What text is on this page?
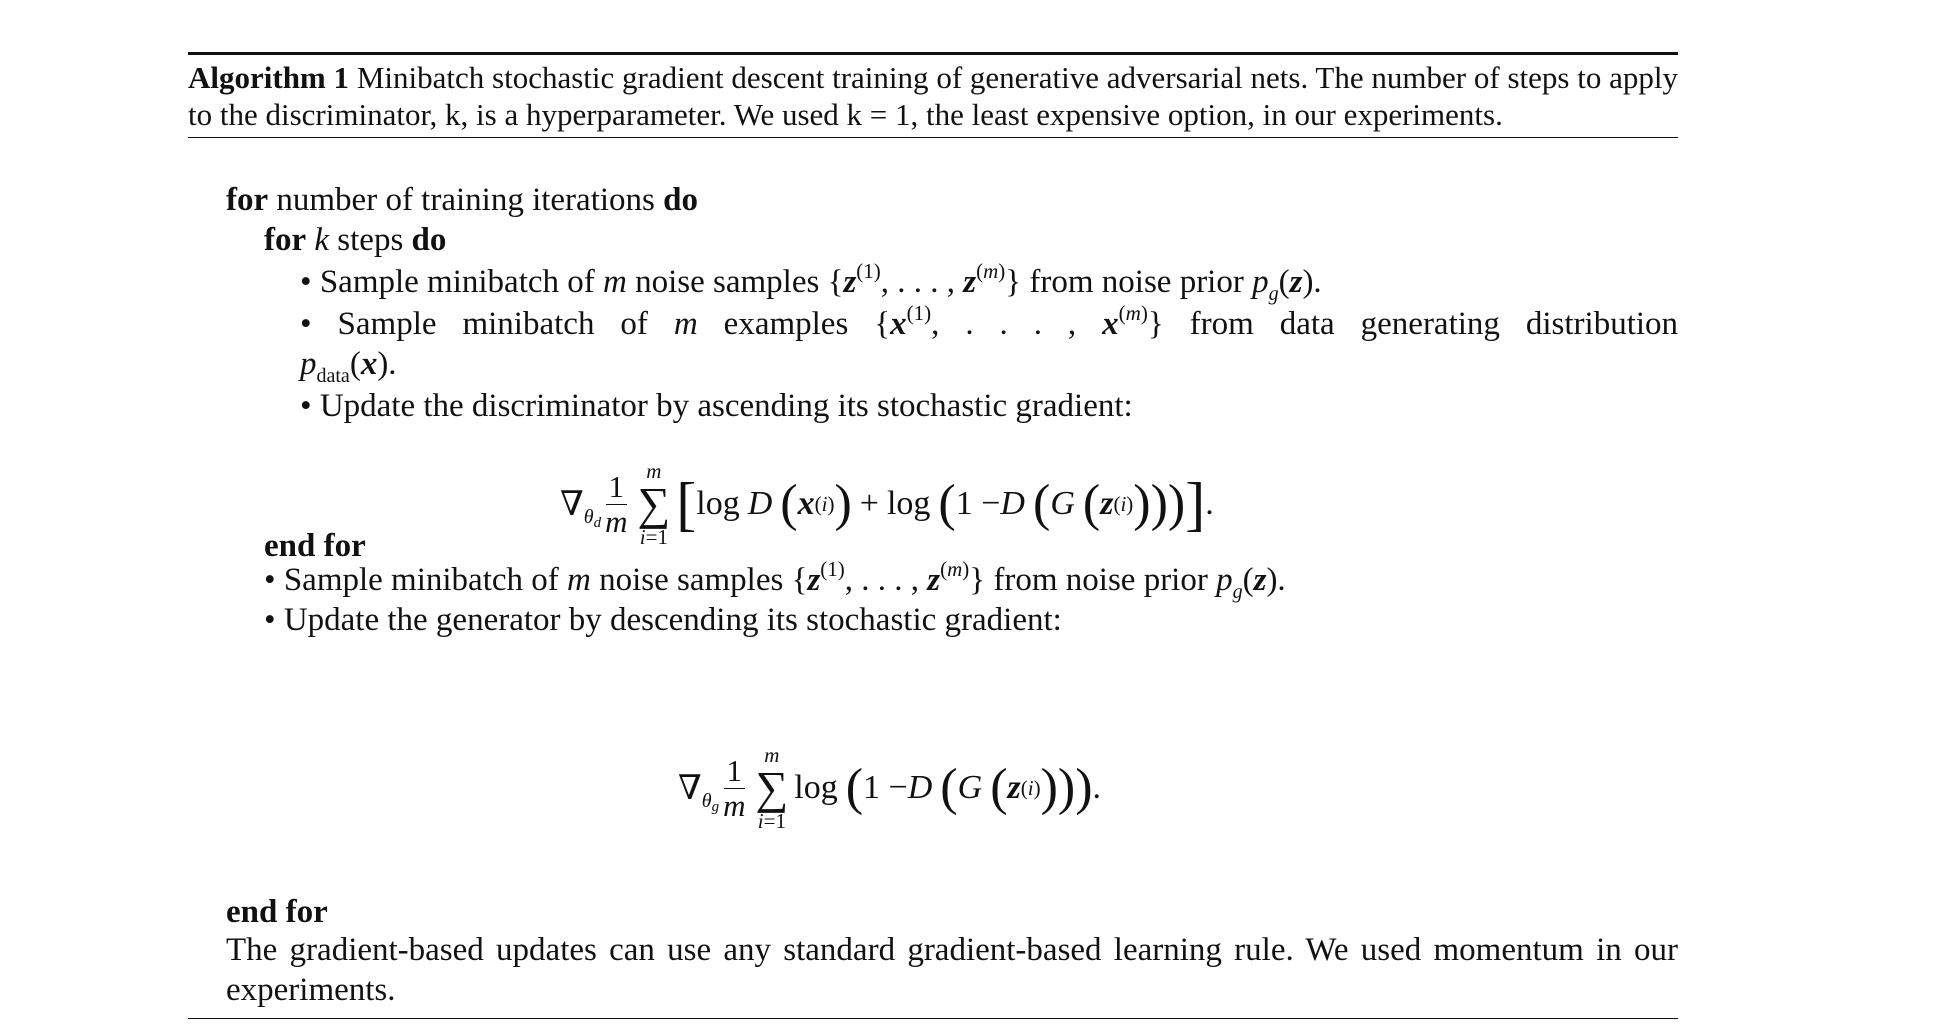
Algorithm 1 Minibatch stochastic gradient descent training of generative adversarial nets. The number of steps to apply to the discriminator, k, is a hyperparameter. We used k = 1, the least expensive option, in our experiments.
for number of training iterations do
for k steps do
• Sample minibatch of m noise samples {$z^{(1)}$, . . . , $z^{(m)}$} from noise prior $p_g(z)$.
• Sample minibatch of m examples {$x^{(1)}$, . . . , $x^{(m)}$} from data generating distribution
$p_{data}(x)$.
• Update the discriminator by ascending its stochastic gradient:
$\nabla_{\theta_d} \frac{1}{m}$ m
∑
i=1 [ log D ( x (i) ) + log ( 1 − D ( G ( z (i) ))) ] .
end for
• Sample minibatch of m noise samples {$z^{(1)}$, . . . , $z^{(m)}$} from noise prior $p_g(z)$.
• Update the generator by descending its stochastic gradient:
$\nabla_{\theta_g} \frac{1}{m}$ m
∑
i=1
log ( 1 − D ( G ( z (i) ))) .
end for
The gradient-based updates can use any standard gradient-based learning rule. We used momentum in our experiments.
